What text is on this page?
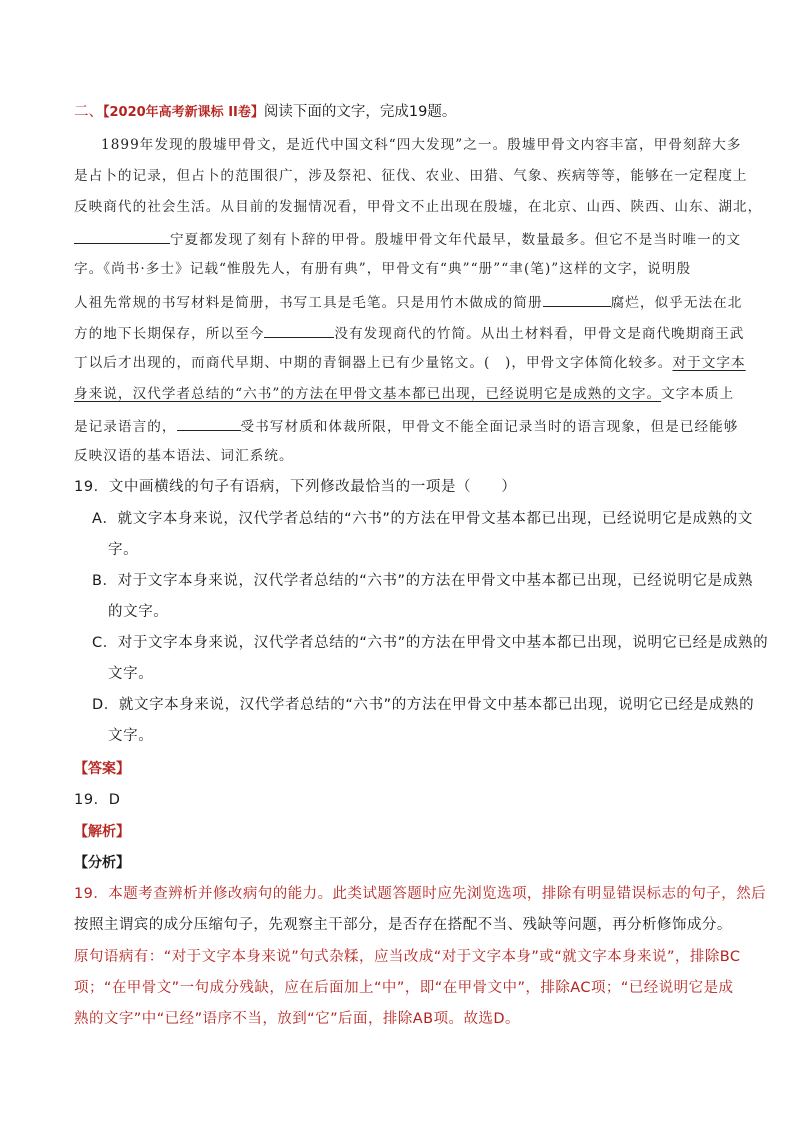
二、【2020年高考新课标 II卷】阅读下面的文字，完成19题。
1899年发现的殷墟甲骨文，是近代中国文科“四大发现”之一。殷墟甲骨文内容丰富，甲骨刻辞大多
是占卜的记录，但占卜的范围很广，涉及祭祀、征伐、农业、田猎、气象、疾病等等，能够在一定程度上
反映商代的社会生活。从目前的发掘情况看，甲骨文不止出现在殷墟，在北京、山西、陕西、山东、湖北，
宁夏都发现了刻有卜辞的甲骨。殷墟甲骨文年代最早，数量最多。但它不是当时唯一的文
字。《尚书·多士》记载“惟殷先人，有册有典”，甲骨文有“典”“册”“聿(笔)”这样的文字，说明殷
人祖先常规的书写材料是简册，书写工具是毛笔。只是用竹木做成的简册	腐烂，似乎无法在北
方的地下长期保存，所以至今	没有发现商代的竹简。从出土材料看，甲骨文是商代晚期商王武
丁以后才出现的，而商代早期、中期的青铜器上已有少量铭文。(　)，甲骨文字体简化较多。对于文字本
身来说，汉代学者总结的“六书”的方法在甲骨文基本都已出现，已经说明它是成熟的文字。文字本质上
是记录语言的，	受书写材质和体裁所限，甲骨文不能全面记录当时的语言现象，但是已经能够
反映汉语的基本语法、词汇系统。
19．文中画横线的句子有语病，下列修改最恰当的一项是（　　）
A．就文字本身来说，汉代学者总结的“六书”的方法在甲骨文基本都已出现，已经说明它是成熟的文
字。
B．对于文字本身来说，汉代学者总结的“六书”的方法在甲骨文中基本都已出现，已经说明它是成熟
的文字。
C．对于文字本身来说，汉代学者总结的“六书”的方法在甲骨文中基本都已出现，说明它已经是成熟的
文字。
D．就文字本身来说，汉代学者总结的“六书”的方法在甲骨文中基本都已出现，说明它已经是成熟的
文字。
【答案】
19．D
【解析】
【分析】
19．本题考查辨析并修改病句的能力。此类试题答题时应先浏览选项，排除有明显错误标志的句子，然后
按照主谓宾的成分压缩句子，先观察主干部分，是否存在搭配不当、残缺等问题，再分析修饰成分。
原句语病有：“对于文字本身来说”句式杂糅，应当改成“对于文字本身”或“就文字本身来说”，排除BC
项；“在甲骨文”一句成分残缺，应在后面加上“中”，即“在甲骨文中”，排除AC项；“已经说明它是成
熟的文字”中“已经”语序不当，放到“它”后面，排除AB项。故选D。
